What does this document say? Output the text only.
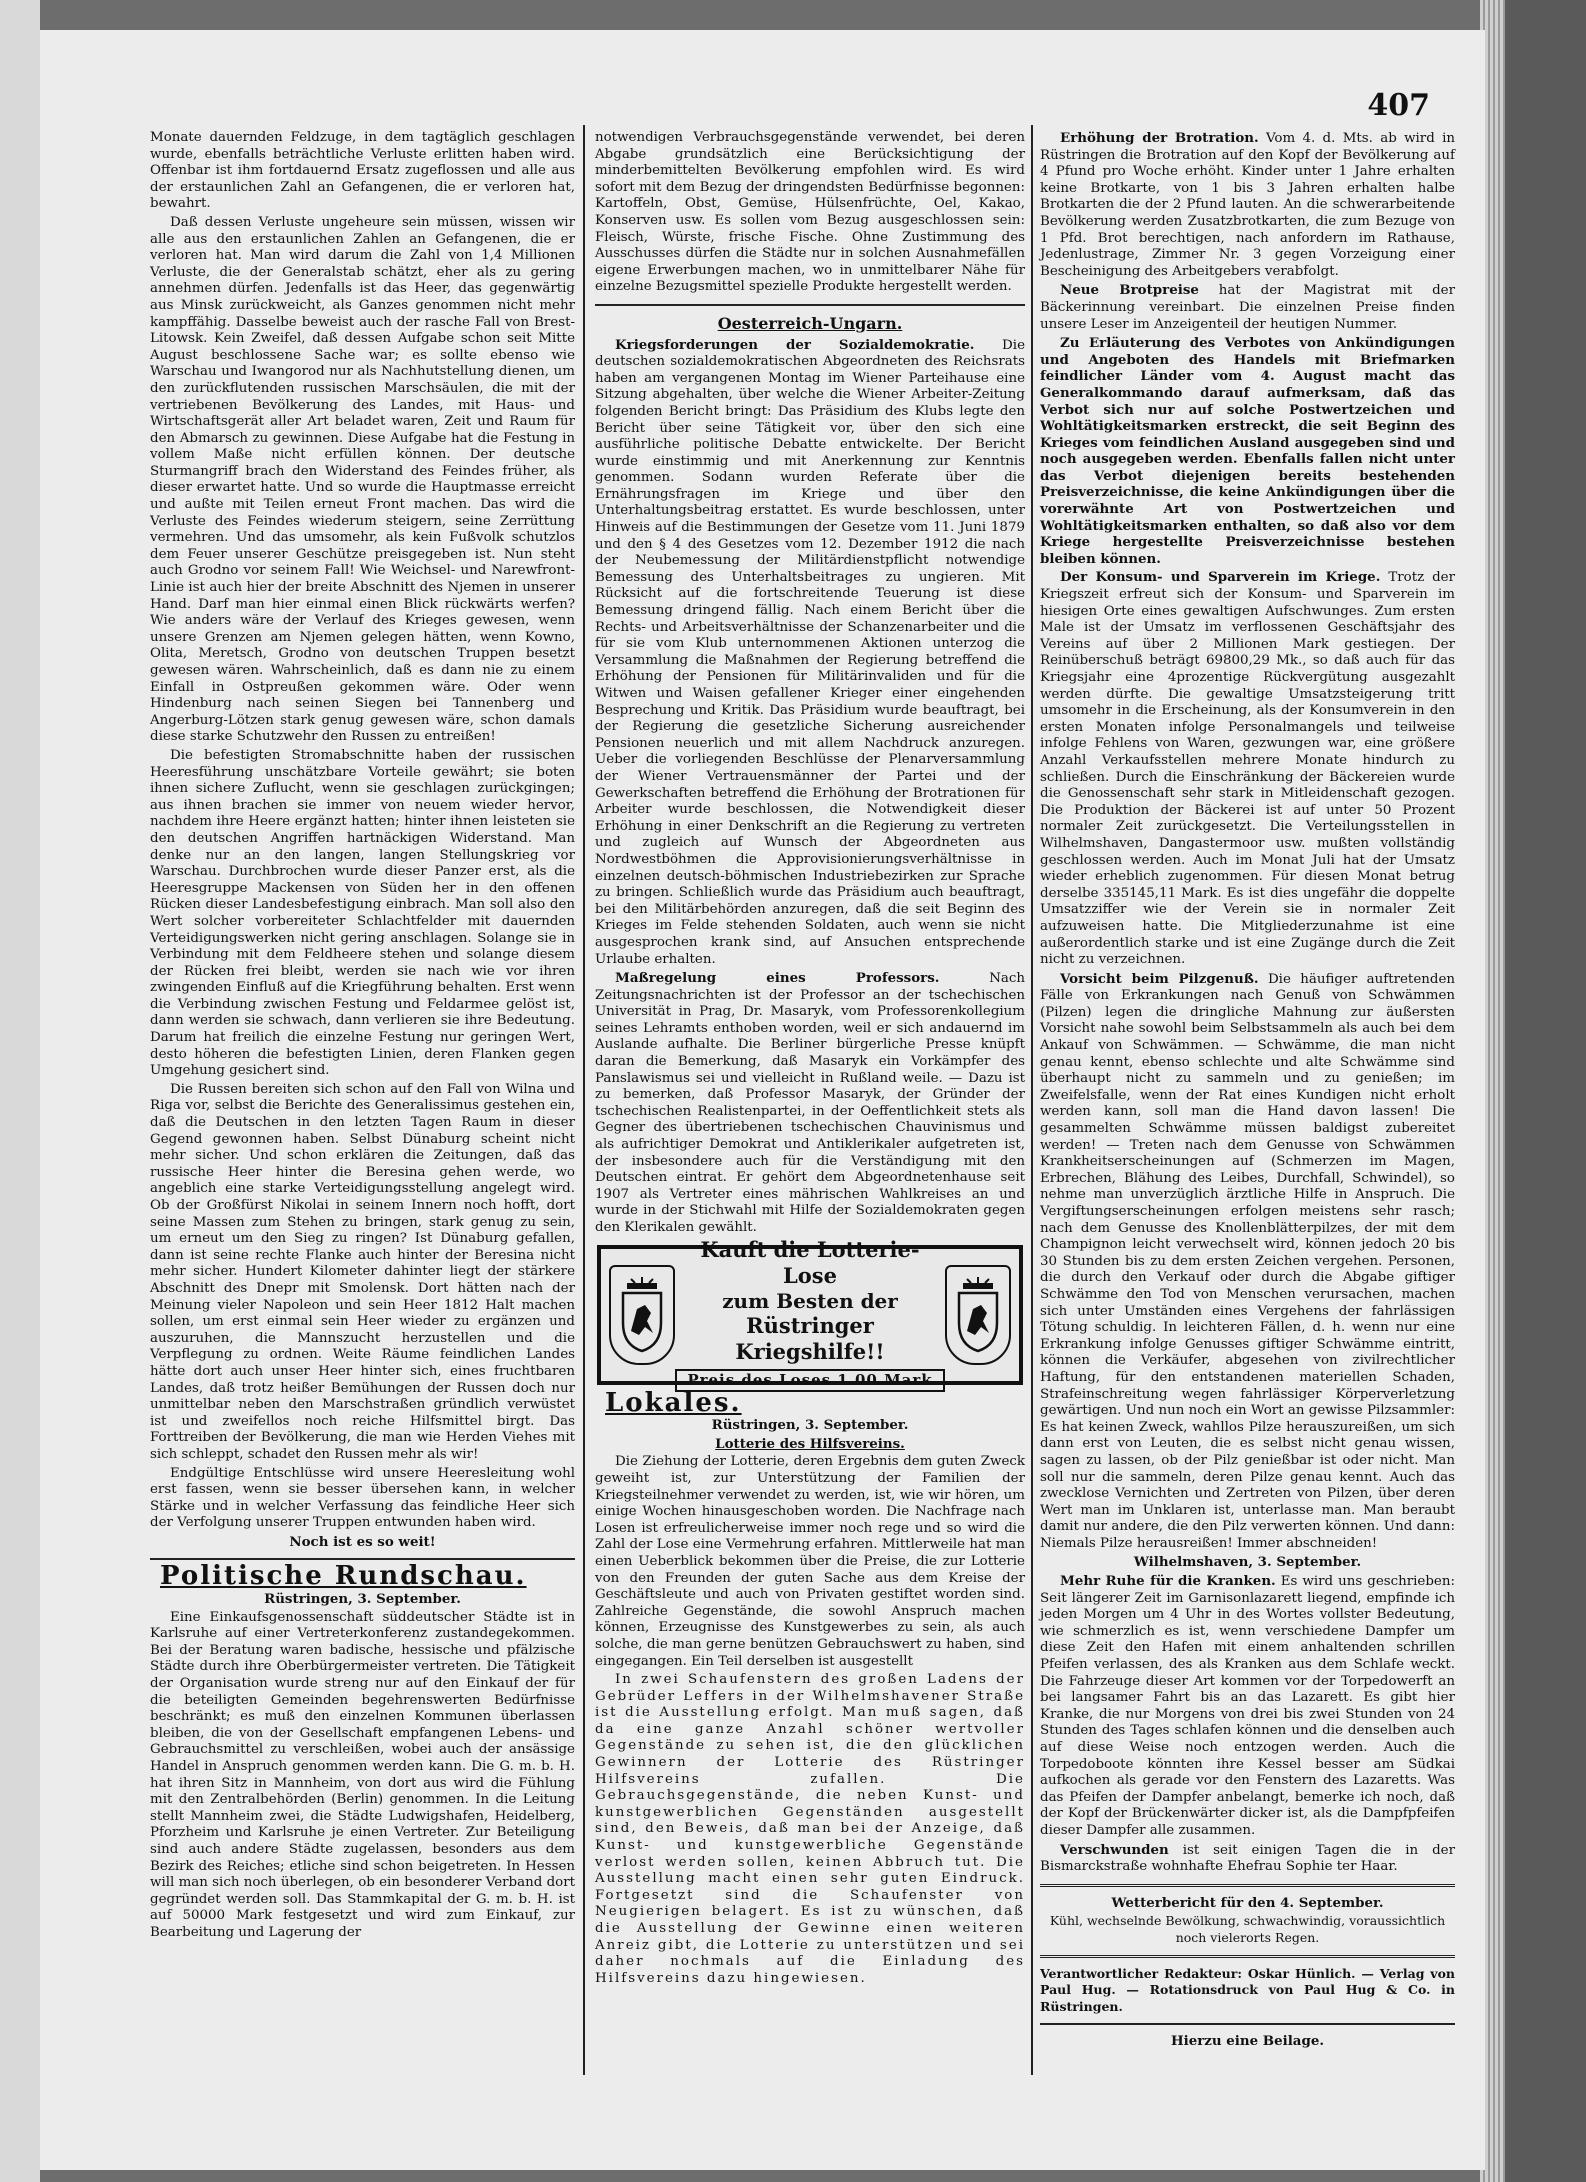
407

Monate dauernden Feldzuge, in dem tagtäglich geschlagen wurde, ebenfalls beträchtliche Verluste erlitten haben wird. Offenbar ist ihm fortdauernd Ersatz zugeflossen und alle aus der erstaunlichen Zahl an Gefangenen, die er verloren hat, bewahrt.

Daß dessen Verluste ungeheure sein müssen, wissen wir alle aus den erstaunlichen Zahlen an Gefangenen, die er verloren hat. Man wird darum die Zahl von 1,4 Millionen Verluste, die der Generalstab schätzt, eher als zu gering annehmen dürfen. Jedenfalls ist das Heer, das gegenwärtig aus Minsk zurückweicht, als Ganzes genommen nicht mehr kampffähig. Dasselbe beweist auch der rasche Fall von Brest-Litowsk. Kein Zweifel, daß dessen Aufgabe schon seit Mitte August beschlossene Sache war; es sollte ebenso wie Warschau und Iwangorod nur als Nachhutstellung dienen, um den zurückflutenden russischen Marschsäulen, die mit der vertriebenen Bevölkerung des Landes, mit Haus- und Wirtschaftsgerät aller Art beladet waren, Zeit und Raum für den Abmarsch zu gewinnen. Diese Aufgabe hat die Festung in vollem Maße nicht erfüllen können. Der deutsche Sturmangriff brach den Widerstand des Feindes früher, als dieser erwartet hatte. Und so wurde die Hauptmasse erreicht und außte mit Teilen erneut Front machen. Das wird die Verluste des Feindes wiederum steigern, seine Zerrüttung vermehren. Und das umsomehr, als kein Fußvolk schutzlos dem Feuer unserer Geschütze preisgegeben ist. Nun steht auch Grodno vor seinem Fall! Wie Weichsel- und Narewfront-Linie ist auch hier der breite Abschnitt des Njemen in unserer Hand. Darf man hier einmal einen Blick rückwärts werfen? Wie anders wäre der Verlauf des Krieges gewesen, wenn unsere Grenzen am Njemen gelegen hätten, wenn Kowno, Olita, Meretsch, Grodno von deutschen Truppen besetzt gewesen wären. Wahrscheinlich, daß es dann nie zu einem Einfall in Ostpreußen gekommen wäre. Oder wenn Hindenburg nach seinen Siegen bei Tannenberg und Angerburg-Lötzen stark genug gewesen wäre, schon damals diese starke Schutzwehr den Russen zu entreißen!

Die befestigten Stromabschnitte haben der russischen Heeresführung unschätzbare Vorteile gewährt; sie boten ihnen sichere Zuflucht, wenn sie geschlagen zurückgingen; aus ihnen brachen sie immer von neuem wieder hervor, nachdem ihre Heere ergänzt hatten; hinter ihnen leisteten sie den deutschen Angriffen hartnäckigen Widerstand. Man denke nur an den langen, langen Stellungskrieg vor Warschau. Durchbrochen wurde dieser Panzer erst, als die Heeresgruppe Mackensen von Süden her in den offenen Rücken dieser Landesbefestigung einbrach. Man soll also den Wert solcher vorbereiteter Schlachtfelder mit dauernden Verteidigungswerken nicht gering anschlagen. Solange sie in Verbindung mit dem Feldheere stehen und solange diesem der Rücken frei bleibt, werden sie nach wie vor ihren zwingenden Einfluß auf die Kriegführung behalten. Erst wenn die Verbindung zwischen Festung und Feldarmee gelöst ist, dann werden sie schwach, dann verlieren sie ihre Bedeutung. Darum hat freilich die einzelne Festung nur geringen Wert, desto höheren die befestigten Linien, deren Flanken gegen Umgehung gesichert sind.

Die Russen bereiten sich schon auf den Fall von Wilna und Riga vor, selbst die Berichte des Generalissimus gestehen ein, daß die Deutschen in den letzten Tagen Raum in dieser Gegend gewonnen haben. Selbst Dünaburg scheint nicht mehr sicher. Und schon erklären die Zeitungen, daß das russische Heer hinter die Beresina gehen werde, wo angeblich eine starke Verteidigungsstellung angelegt wird. Ob der Großfürst Nikolai in seinem Innern noch hofft, dort seine Massen zum Stehen zu bringen, stark genug zu sein, um erneut um den Sieg zu ringen? Ist Dünaburg gefallen, dann ist seine rechte Flanke auch hinter der Beresina nicht mehr sicher. Hundert Kilometer dahinter liegt der stärkere Abschnitt des Dnepr mit Smolensk. Dort hätten nach der Meinung vieler Napoleon und sein Heer 1812 Halt machen sollen, um erst einmal sein Heer wieder zu ergänzen und auszuruhen, die Mannszucht herzustellen und die Verpflegung zu ordnen. Weite Räume feindlichen Landes hätte dort auch unser Heer hinter sich, eines fruchtbaren Landes, daß trotz heißer Bemühungen der Russen doch nur unmittelbar neben den Marschstraßen gründlich verwüstet ist und zweifellos noch reiche Hilfsmittel birgt. Das Forttreiben der Bevölkerung, die man wie Herden Viehes mit sich schleppt, schadet den Russen mehr als wir!

Endgültige Entschlüsse wird unsere Heeresleitung wohl erst fassen, wenn sie besser übersehen kann, in welcher Stärke und in welcher Verfassung das feindliche Heer sich der Verfolgung unserer Truppen entwunden haben wird.

Noch ist es so weit!

Politische Rundschau.

Rüstringen, 3. September.

Eine Einkaufsgenossenschaft süddeutscher Städte ist in Karlsruhe auf einer Vertreterkonferenz zustandegekommen. Bei der Beratung waren badische, hessische und pfälzische Städte durch ihre Oberbürgermeister vertreten. Die Tätigkeit der Organisation wurde streng nur auf den Einkauf der für die beteiligten Gemeinden begehrenswerten Bedürfnisse beschränkt; es muß den einzelnen Kommunen überlassen bleiben, die von der Gesellschaft empfangenen Lebens- und Gebrauchsmittel zu verschleißen, wobei auch der ansässige Handel in Anspruch genommen werden kann. Die G. m. b. H. hat ihren Sitz in Mannheim, von dort aus wird die Fühlung mit den Zentralbehörden (Berlin) genommen. In die Leitung stellt Mannheim zwei, die Städte Ludwigshafen, Heidelberg, Pforzheim und Karlsruhe je einen Vertreter. Zur Beteiligung sind auch andere Städte zugelassen, besonders aus dem Bezirk des Reiches; etliche sind schon beigetreten. In Hessen will man sich noch überlegen, ob ein besonderer Verband dort gegründet werden soll. Das Stammkapital der G. m. b. H. ist auf 50000 Mark festgesetzt und wird zum Einkauf, zur Bearbeitung und Lagerung der

notwendigen Verbrauchsgegenstände verwendet, bei deren Abgabe grundsätzlich eine Berücksichtigung der minderbemittelten Bevölkerung empfohlen wird. Es wird sofort mit dem Bezug der dringendsten Bedürfnisse begonnen: Kartoffeln, Obst, Gemüse, Hülsenfrüchte, Oel, Kakao, Konserven usw. Es sollen vom Bezug ausgeschlossen sein: Fleisch, Würste, frische Fische. Ohne Zustimmung des Ausschusses dürfen die Städte nur in solchen Ausnahmefällen eigene Erwerbungen machen, wo in unmittelbarer Nähe für einzelne Bezugsmittel spezielle Produkte hergestellt werden.

Oesterreich-Ungarn.

Kriegsforderungen der Sozialdemokratie. Die deutschen sozialdemokratischen Abgeordneten des Reichsrats haben am vergangenen Montag im Wiener Parteihause eine Sitzung abgehalten, über welche die Wiener Arbeiter-Zeitung folgenden Bericht bringt: Das Präsidium des Klubs legte den Bericht über seine Tätigkeit vor, über den sich eine ausführliche politische Debatte entwickelte. Der Bericht wurde einstimmig und mit Anerkennung zur Kenntnis genommen. Sodann wurden Referate über die Ernährungsfragen im Kriege und über den Unterhaltungsbeitrag erstattet. Es wurde beschlossen, unter Hinweis auf die Bestimmungen der Gesetze vom 11. Juni 1879 und den § 4 des Gesetzes vom 12. Dezember 1912 die nach der Neubemessung der Militärdienstpflicht notwendige Bemessung des Unterhaltsbeitrages zu ungieren. Mit Rücksicht auf die fortschreitende Teuerung ist diese Bemessung dringend fällig. Nach einem Bericht über die Rechts- und Arbeitsverhältnisse der Schanzenarbeiter und die für sie vom Klub unternommenen Aktionen unterzog die Versammlung die Maßnahmen der Regierung betreffend die Erhöhung der Pensionen für Militärinvaliden und für die Witwen und Waisen gefallener Krieger einer eingehenden Besprechung und Kritik. Das Präsidium wurde beauftragt, bei der Regierung die gesetzliche Sicherung ausreichender Pensionen neuerlich und mit allem Nachdruck anzuregen. Ueber die vorliegenden Beschlüsse der Plenarversammlung der Wiener Vertrauensmänner der Partei und der Gewerkschaften betreffend die Erhöhung der Brotrationen für Arbeiter wurde beschlossen, die Notwendigkeit dieser Erhöhung in einer Denkschrift an die Regierung zu vertreten und zugleich auf Wunsch der Abgeordneten aus Nordwestböhmen die Approvisionierungsverhältnisse in einzelnen deutsch-böhmischen Industriebezirken zur Sprache zu bringen. Schließlich wurde das Präsidium auch beauftragt, bei den Militärbehörden anzuregen, daß die seit Beginn des Krieges im Felde stehenden Soldaten, auch wenn sie nicht ausgesprochen krank sind, auf Ansuchen entsprechende Urlaube erhalten.

Maßregelung eines Professors.	Nach Zeitungsnachrichten ist der Professor an der tschechischen Universität in Prag, Dr. Masaryk, vom Professorenkollegium seines Lehramts enthoben worden, weil er sich andauernd im Auslande aufhalte. Die Berliner bürgerliche Presse knüpft daran die Bemerkung, daß Masaryk ein Vorkämpfer des Panslawismus sei und vielleicht in Rußland weile. — Dazu ist zu bemerken, daß Professor Masaryk, der Gründer der tschechischen Realistenpartei, in der Oeffentlichkeit stets als Gegner des übertriebenen tschechischen Chauvinismus und als aufrichtiger Demokrat und Antiklerikaler aufgetreten ist, der insbesondere auch für die Verständigung mit den Deutschen eintrat. Er gehört dem Abgeordnetenhause seit 1907 als Vertreter eines mährischen Wahlkreises an und wurde in der Stichwahl mit Hilfe der Sozialdemokraten gegen den Klerikalen gewählt.

Kauft die Lotterie-Lose
zum Besten der
Rüstringer Kriegshilfe!!
Preis des Loses 1.00 Mark
Lokales.

Rüstringen, 3. September.

Lotterie des Hilfsvereins.

Die Ziehung der Lotterie, deren Ergebnis dem guten Zweck geweiht ist, zur Unterstützung der Familien der Kriegsteilnehmer verwendet zu werden, ist, wie wir hören, um einige Wochen hinausgeschoben worden. Die Nachfrage nach Losen ist erfreulicherweise immer noch rege und so wird die Zahl der Lose eine Vermehrung erfahren. Mittlerweile hat man einen Ueberblick bekommen über die Preise, die zur Lotterie von den Freunden der guten Sache aus dem Kreise der Geschäftsleute und auch von Privaten gestiftet worden sind. Zahlreiche Gegenstände, die sowohl Anspruch machen können, Erzeugnisse des Kunstgewerbes zu sein, als auch solche, die man gerne benützen Gebrauchswert zu haben, sind eingegangen. Ein Teil derselben ist ausgestellt

In zwei Schaufenstern des großen Ladens der Gebrüder Leffers in der Wilhelmshavener Straße ist die Ausstellung erfolgt. Man muß sagen, daß da eine ganze Anzahl schöner wertvoller Gegenstände zu sehen ist, die den glücklichen Gewinnern der Lotterie des Rüstringer Hilfsvereins zufallen. Die Gebrauchsgegenstände, die neben Kunst- und kunstgewerblichen Gegenständen ausgestellt sind, den Beweis, daß man bei der Anzeige, daß Kunst- und kunstgewerbliche Gegenstände verlost werden sollen, keinen Abbruch tut. Die Ausstellung macht einen sehr guten Eindruck. Fortgesetzt sind die Schaufenster von Neugierigen belagert. Es ist zu wünschen, daß die Ausstellung der Gewinne einen weiteren Anreiz gibt, die Lotterie zu unterstützen und sei daher nochmals auf die Einladung des Hilfsvereins dazu hingewiesen.

Erhöhung der Brotration. Vom 4. d. Mts. ab wird in Rüstringen die Brotration auf den Kopf der Bevölkerung auf 4 Pfund pro Woche erhöht. Kinder unter 1 Jahre erhalten keine Brotkarte, von 1 bis 3 Jahren erhalten halbe Brotkarten die der 2 Pfund lauten. An die schwerarbeitende Bevölkerung werden Zusatzbrotkarten, die zum Bezuge von 1 Pfd. Brot berechtigen, nach anfordern im Rathause, Jedenlustrage, Zimmer Nr. 3 gegen Vorzeigung einer Bescheinigung des Arbeitgebers verabfolgt.

Neue Brotpreise hat der Magistrat mit der Bäckerinnung vereinbart. Die einzelnen Preise finden unsere Leser im Anzeigenteil der heutigen Nummer.

Zu Erläuterung des Verbotes von Ankündigungen und Angeboten des Handels mit Briefmarken feindlicher Länder vom 4. August macht das Generalkommando darauf aufmerksam, daß das Verbot sich nur auf solche Postwertzeichen und Wohltätigkeitsmarken erstreckt, die seit Beginn des Krieges vom feindlichen Ausland ausgegeben sind und noch ausgegeben werden. Ebenfalls fallen nicht unter das Verbot diejenigen bereits bestehenden Preisverzeichnisse, die keine Ankündigungen über die vorerwähnte Art von Postwertzeichen und Wohltätigkeitsmarken enthalten, so daß also vor dem Kriege hergestellte Preisverzeichnisse bestehen bleiben können.

Der Konsum- und Sparverein im Kriege. Trotz der Kriegszeit erfreut sich der Konsum- und Sparverein im hiesigen Orte eines gewaltigen Aufschwunges. Zum ersten Male ist der Umsatz im verflossenen Geschäftsjahr des Vereins auf über 2 Millionen Mark gestiegen. Der Reinüberschuß beträgt 69800,29 Mk., so daß auch für das Kriegsjahr eine 4prozentige Rückvergütung ausgezahlt werden dürfte. Die gewaltige Umsatzsteigerung tritt umsomehr in die Erscheinung, als der Konsumverein in den ersten Monaten infolge Personalmangels und teilweise infolge Fehlens von Waren, gezwungen war, eine größere Anzahl Verkaufsstellen mehrere Monate hindurch zu schließen. Durch die Einschränkung der Bäckereien wurde die Genossenschaft sehr stark in Mitleidenschaft gezogen. Die Produktion der Bäckerei ist auf unter 50 Prozent normaler Zeit zurückgesetzt. Die Verteilungsstellen in Wilhelmshaven, Dangastermoor usw. mußten vollständig geschlossen werden. Auch im Monat Juli hat der Umsatz wieder erheblich zugenommen. Für diesen Monat betrug derselbe 335145,11 Mark. Es ist dies ungefähr die doppelte Umsatzziffer wie der Verein sie in normaler Zeit aufzuweisen hatte. Die Mitgliederzunahme ist eine außerordentlich starke und ist eine Zugänge durch die Zeit nicht zu verzeichnen.

Vorsicht beim Pilzgenuß. Die häufiger auftretenden Fälle von Erkrankungen nach Genuß von Schwämmen (Pilzen) legen die dringliche Mahnung zur äußersten Vorsicht nahe sowohl beim Selbstsammeln als auch bei dem Ankauf von Schwämmen. — Schwämme, die man nicht genau kennt, ebenso schlechte und alte Schwämme sind überhaupt nicht zu sammeln und zu genießen; im Zweifelsfalle, wenn der Rat eines Kundigen nicht erholt werden kann, soll man die Hand davon lassen! Die gesammelten Schwämme müssen baldigst zubereitet werden! — Treten nach dem Genusse von Schwämmen Krankheitserscheinungen auf (Schmerzen im Magen, Erbrechen, Blähung des Leibes, Durchfall, Schwindel), so nehme man unverzüglich ärztliche Hilfe in Anspruch. Die Vergiftungserscheinungen erfolgen meistens sehr rasch; nach dem Genusse des Knollenblätterpilzes, der mit dem Champignon leicht verwechselt wird, können jedoch 20 bis 30 Stunden bis zu dem ersten Zeichen vergehen. Personen, die durch den Verkauf oder durch die Abgabe giftiger Schwämme den Tod von Menschen verursachen, machen sich unter Umständen eines Vergehens der fahrlässigen Tötung schuldig. In leichteren Fällen, d. h. wenn nur eine Erkrankung infolge Genusses giftiger Schwämme eintritt, können die Verkäufer, abgesehen von zivilrechtlicher Haftung, für den entstandenen materiellen Schaden, Strafeinschreitung wegen fahrlässiger Körperverletzung gewärtigen. Und nun noch ein Wort an gewisse Pilzsammler: Es hat keinen Zweck, wahllos Pilze herauszureißen, um sich dann erst von Leuten, die es selbst nicht genau wissen, sagen zu lassen, ob der Pilz genießbar ist oder nicht. Man soll nur die sammeln, deren Pilze genau kennt. Auch das zwecklose Vernichten und Zertreten von Pilzen, über deren Wert man im Unklaren ist, unterlasse man. Man beraubt damit nur andere, die den Pilz verwerten können. Und dann: Niemals Pilze herausreißen! Immer abschneiden!

Wilhelmshaven, 3. September.

Mehr Ruhe für die Kranken. Es wird uns geschrieben: Seit längerer Zeit im Garnisonlazarett liegend, empfinde ich jeden Morgen um 4 Uhr in des Wortes vollster Bedeutung, wie schmerzlich es ist, wenn verschiedene Dampfer um diese Zeit den Hafen mit einem anhaltenden schrillen Pfeifen verlassen, des als Kranken aus dem Schlafe weckt. Die Fahrzeuge dieser Art kommen vor der Torpedowerft an bei langsamer Fahrt bis an das Lazarett. Es gibt hier Kranke, die nur Morgens von drei bis zwei Stunden von 24 Stunden des Tages schlafen können und die denselben auch auf diese Weise noch entzogen werden. Auch die Torpedoboote könnten ihre Kessel besser am Südkai aufkochen als gerade vor den Fenstern des Lazaretts. Was das Pfeifen der Dampfer anbelangt, bemerke ich noch, daß der Kopf der Brückenwärter dicker ist, als die Dampfpfeifen dieser Dampfer alle zusammen.

Verschwunden ist seit einigen Tagen die in der Bismarckstraße wohnhafte Ehefrau Sophie ter Haar.

Wetterbericht für den 4. September.

Kühl, wechselnde Bewölkung, schwachwindig, voraussichtlich noch vielerorts Regen.

Verantwortlicher Redakteur: Oskar Hünlich. — Verlag von Paul Hug. — Rotationsdruck von Paul Hug & Co. in Rüstringen.

Hierzu eine Beilage.
